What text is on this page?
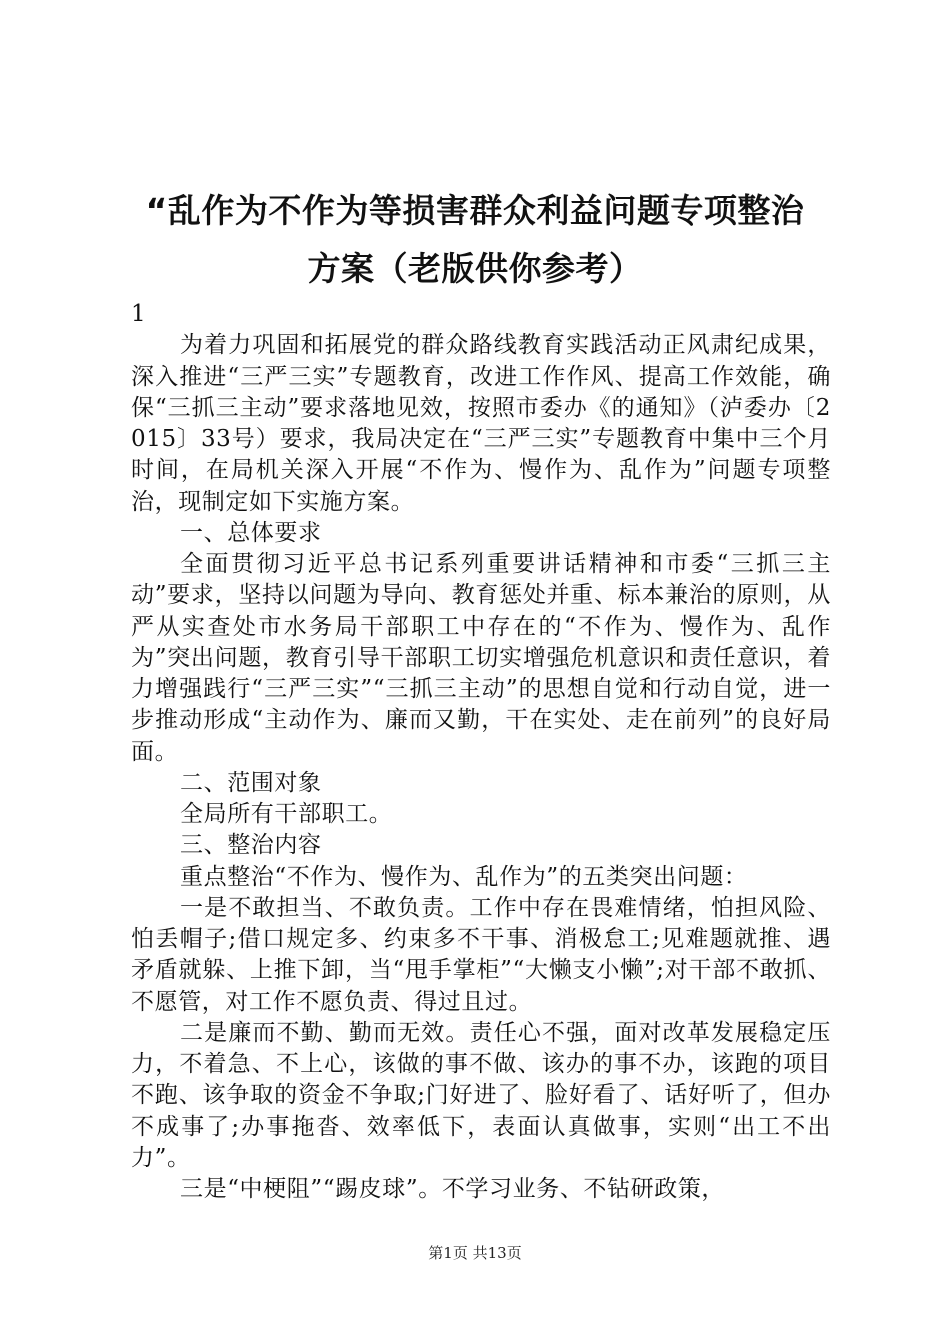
“乱作为不作为等损害群众利益问题专项整治
方案（老版供你参考）

1

为着力巩固和拓展党的群众路线教育实践活动正风肃纪成果，深入推进“三严三实”专题教育，改进工作作风、提高工作效能，确保“三抓三主动”要求落地见效，按照市委办《的通知》（泸委办〔2015〕33号）要求，我局决定在“三严三实”专题教育中集中三个月时间，在局机关深入开展“不作为、慢作为、乱作为”问题专项整治，现制定如下实施方案。

一、总体要求

全面贯彻习近平总书记系列重要讲话精神和市委“三抓三主动”要求，坚持以问题为导向、教育惩处并重、标本兼治的原则，从严从实查处市水务局干部职工中存在的“不作为、慢作为、乱作为”突出问题，教育引导干部职工切实增强危机意识和责任意识，着力增强践行“三严三实”“三抓三主动”的思想自觉和行动自觉，进一步推动形成“主动作为、廉而又勤，干在实处、走在前列”的良好局面。

二、范围对象

全局所有干部职工。

三、整治内容

重点整治“不作为、慢作为、乱作为”的五类突出问题：

一是不敢担当、不敢负责。工作中存在畏难情绪，怕担风险、怕丢帽子;借口规定多、约束多不干事、消极怠工;见难题就推、遇矛盾就躲、上推下卸，当“甩手掌柜”“大懒支小懒”;对干部不敢抓、不愿管，对工作不愿负责、得过且过。

二是廉而不勤、勤而无效。责任心不强，面对改革发展稳定压力，不着急、不上心，该做的事不做、该办的事不办，该跑的项目不跑、该争取的资金不争取;门好进了、脸好看了、话好听了，但办不成事了;办事拖沓、效率低下，表面认真做事，实则“出工不出力”。

三是“中梗阻”“踢皮球”。不学习业务、不钻研政策，

第1页 共13页
